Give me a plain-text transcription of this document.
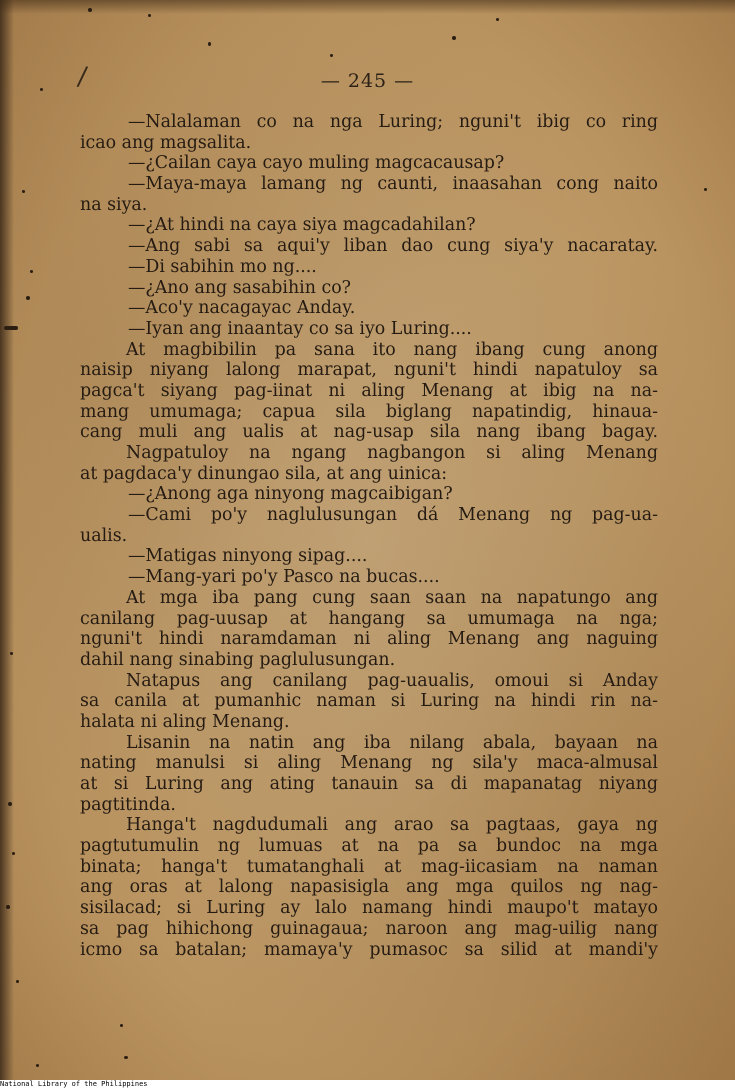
/	— 245 —
—Nalalaman co na nga Luring; nguni't ibig co ring
icao ang magsalita.
—¿Cailan caya cayo muling magcacausap?
—Maya-maya lamang ng caunti, inaasahan cong naito
na siya.
—¿At hindi na caya siya magcadahilan?
—Ang sabi sa aqui'y liban dao cung siya'y nacaratay.
—Di sabihin mo ng....
—¿Ano ang sasabihin co?
—Aco'y nacagayac Anday.
—Iyan ang inaantay co sa iyo Luring....
At magbibilin pa sana ito nang ibang cung anong
naisip niyang lalong marapat, nguni't hindi napatuloy sa
pagca't siyang pag-iinat ni aling Menang at ibig na na-
mang umumaga; capua sila biglang napatindig, hinaua-
cang muli ang ualis at nag-usap sila nang ibang bagay.
Nagpatuloy na ngang nagbangon si aling Menang
at pagdaca'y dinungao sila, at ang uinica:
—¿Anong aga ninyong magcaibigan?
—Cami po'y naglulusungan dá Menang ng pag-ua-
ualis.
—Matigas ninyong sipag....
—Mang-yari po'y Pasco na bucas....
At mga iba pang cung saan saan na napatungo ang
canilang pag-uusap at hangang sa umumaga na nga;
nguni't hindi naramdaman ni aling Menang ang naguing
dahil nang sinabing paglulusungan.
Natapus ang canilang pag-uaualis, omoui si Anday
sa canila at pumanhic naman si Luring na hindi rin na-
halata ni aling Menang.
Lisanin na natin ang iba nilang abala, bayaan na
nating manulsi si aling Menang ng sila'y maca-almusal
at si Luring ang ating tanauin sa di mapanatag niyang
pagtitinda.
Hanga't nagdudumali ang arao sa pagtaas, gaya ng
pagtutumulin ng lumuas at na pa sa bundoc na mga
binata; hanga't tumatanghali at mag-iicasiam na naman
ang oras at lalong napasisigla ang mga quilos ng nag-
sisilacad; si Luring ay lalo namang hindi maupo't matayo
sa pag hihichong guinagaua; naroon ang mag-uilig nang
icmo sa batalan; mamaya'y pumasoc sa silid at mandi'y
National Library of the Philippines
